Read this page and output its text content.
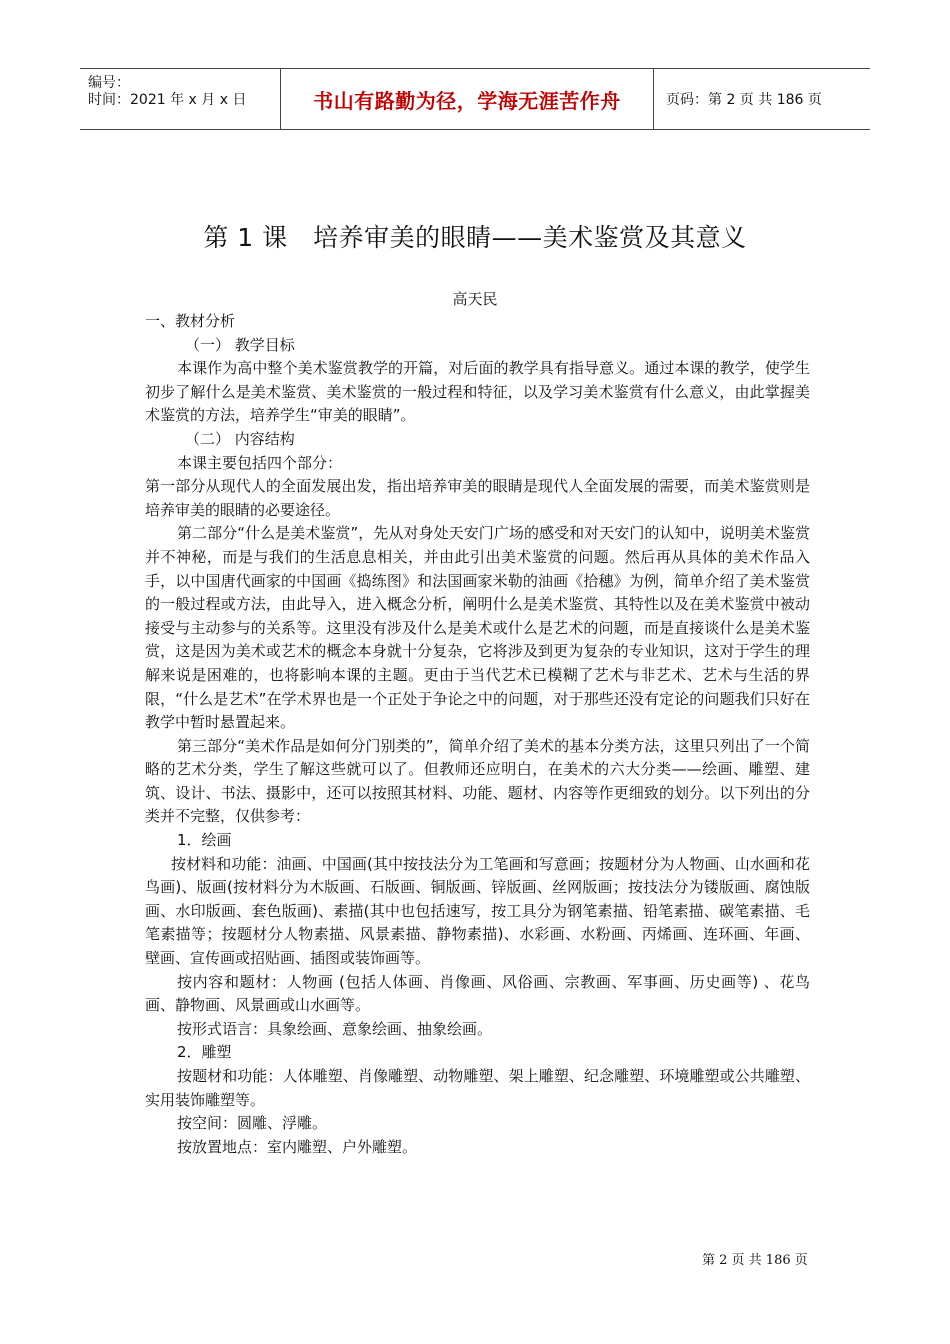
编号：
时间：2021 年 x 月 x 日	书山有路勤为径，学海无涯苦作舟	页码：第 2 页 共 186 页
第 1 课　培养审美的眼睛——美术鉴赏及其意义
高天民

一、教材分析

（一） 教学目标

本课作为高中整个美术鉴赏教学的开篇，对后面的教学具有指导意义。通过本课的教学，使学生初步了解什么是美术鉴赏、美术鉴赏的一般过程和特征，以及学习美术鉴赏有什么意义，由此掌握美术鉴赏的方法，培养学生“审美的眼睛”。

（二） 内容结构

本课主要包括四个部分：

第一部分从现代人的全面发展出发，指出培养审美的眼睛是现代人全面发展的需要，而美术鉴赏则是培养审美的眼睛的必要途径。

第二部分“什么是美术鉴赏”，先从对身处天安门广场的感受和对天安门的认知中，说明美术鉴赏并不神秘，而是与我们的生活息息相关，并由此引出美术鉴赏的问题。然后再从具体的美术作品入手，以中国唐代画家的中国画《捣练图》和法国画家米勒的油画《拾穗》为例，简单介绍了美术鉴赏的一般过程或方法，由此导入，进入概念分析，阐明什么是美术鉴赏、其特性以及在美术鉴赏中被动接受与主动参与的关系等。这里没有涉及什么是美术或什么是艺术的问题，而是直接谈什么是美术鉴赏，这是因为美术或艺术的概念本身就十分复杂，它将涉及到更为复杂的专业知识，这对于学生的理解来说是困难的，也将影响本课的主题。更由于当代艺术已模糊了艺术与非艺术、艺术与生活的界限，“什么是艺术”在学术界也是一个正处于争论之中的问题，对于那些还没有定论的问题我们只好在教学中暂时悬置起来。

第三部分“美术作品是如何分门别类的”，简单介绍了美术的基本分类方法，这里只列出了一个简略的艺术分类，学生了解这些就可以了。但教师还应明白，在美术的六大分类——绘画、雕塑、建筑、设计、书法、摄影中，还可以按照其材料、功能、题材、内容等作更细致的划分。以下列出的分类并不完整，仅供参考：

1．绘画

按材料和功能：油画、中国画(其中按技法分为工笔画和写意画；按题材分为人物画、山水画和花鸟画)、版画(按材料分为木版画、石版画、铜版画、锌版画、丝网版画；按技法分为镂版画、腐蚀版画、水印版画、套色版画)、素描(其中也包括速写，按工具分为钢笔素描、铅笔素描、碳笔素描、毛笔素描等；按题材分人物素描、风景素描、静物素描)、水彩画、水粉画、丙烯画、连环画、年画、壁画、宣传画或招贴画、插图或装饰画等。

按内容和题材：人物画 (包括人体画、肖像画、风俗画、宗教画、军事画、历史画等) 、花鸟画、静物画、风景画或山水画等。

按形式语言：具象绘画、意象绘画、抽象绘画。

2．雕塑

按题材和功能：人体雕塑、肖像雕塑、动物雕塑、架上雕塑、纪念雕塑、环境雕塑或公共雕塑、实用装饰雕塑等。

按空间：圆雕、浮雕。

按放置地点：室内雕塑、户外雕塑。

第 2 页 共 186 页
